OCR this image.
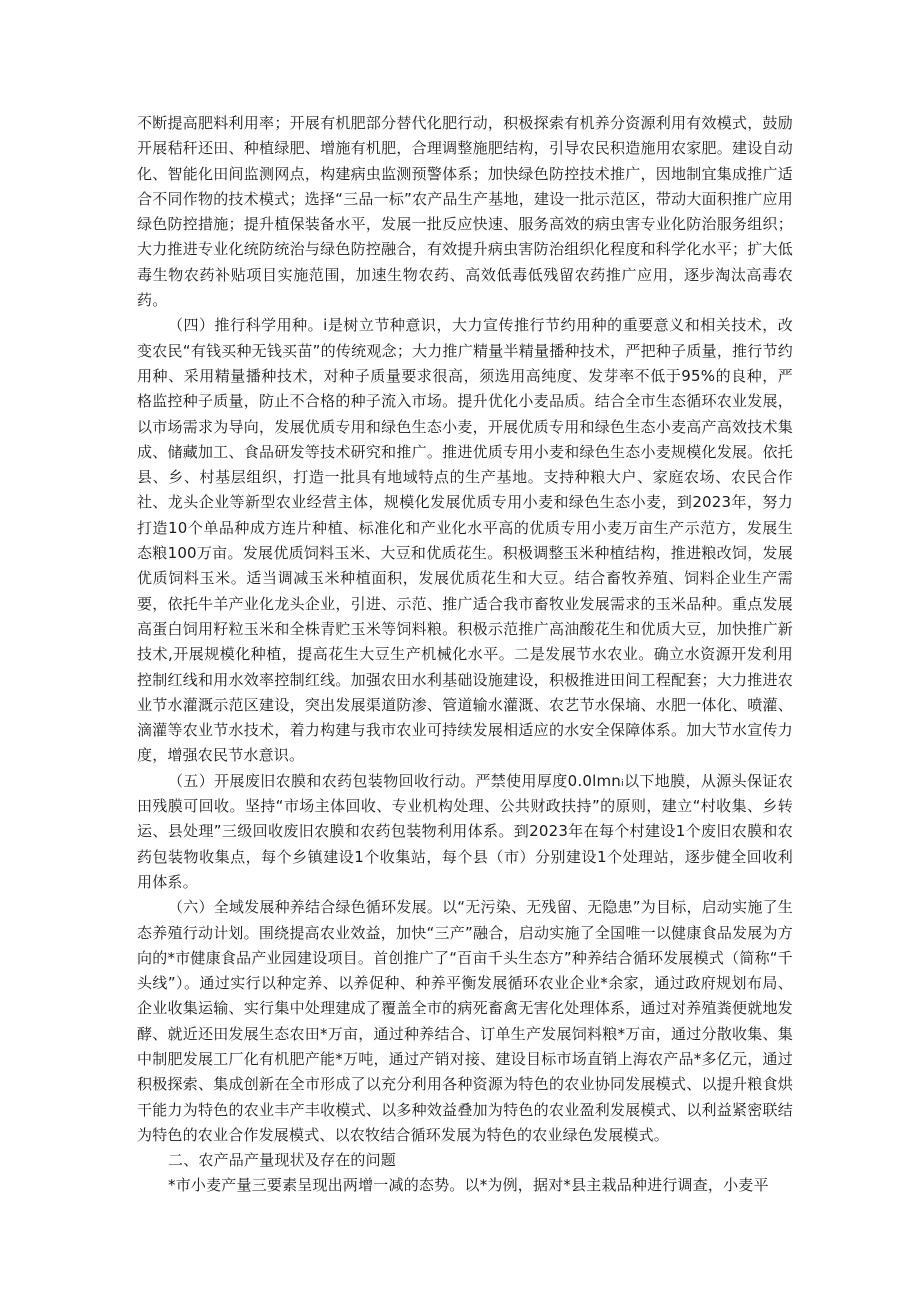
不断提高肥料利用率；开展有机肥部分替代化肥行动，积极探索有机养分资源利用有效模式，鼓励开展秸秆还田、种植绿肥、增施有机肥，合理调整施肥结构，引导农民积造施用农家肥。建设自动化、智能化田间监测网点，构建病虫监测预警体系；加快绿色防控技术推广，因地制宜集成推广适合不同作物的技术模式；选择“三品一标”农产品生产基地，建设一批示范区，带动大面积推广应用绿色防控措施；提升植保装备水平，发展一批反应快速、服务高效的病虫害专业化防治服务组织；大力推进专业化统防统治与绿色防控融合，有效提升病虫害防治组织化程度和科学化水平；扩大低毒生物农药补贴项目实施范围，加速生物农药、高效低毒低残留农药推广应用，逐步淘汰高毒农药。

（四）推行科学用种。i是树立节种意识，大力宣传推行节约用种的重要意义和相关技术，改变农民“有钱买种无钱买苗”的传统观念；大力推广精量半精量播种技术，严把种子质量，推行节约用种、采用精量播种技术，对种子质量要求很高，须选用高纯度、发芽率不低于95%的良种，严格监控种子质量，防止不合格的种子流入市场。提升优化小麦品质。结合全市生态循环农业发展，以市场需求为导向，发展优质专用和绿色生态小麦，开展优质专用和绿色生态小麦高产高效技术集成、储藏加工、食品研发等技术研究和推广。推进优质专用小麦和绿色生态小麦规模化发展。依托县、乡、村基层组织，打造一批具有地域特点的生产基地。支持种粮大户、家庭农场、农民合作社、龙头企业等新型农业经营主体，规模化发展优质专用小麦和绿色生态小麦，到2023年，努力打造10个单品种成方连片种植、标准化和产业化水平高的优质专用小麦万亩生产示范方，发展生态粮100万亩。发展优质饲料玉米、大豆和优质花生。积极调整玉米种植结构，推进粮改饲，发展优质饲料玉米。适当调减玉米种植面积，发展优质花生和大豆。结合畜牧养殖、饲料企业生产需要，依托牛羊产业化龙头企业，引进、示范、推广适合我市畜牧业发展需求的玉米品种。重点发展高蛋白饲用籽粒玉米和全株青贮玉米等饲料粮。积极示范推广高油酸花生和优质大豆，加快推广新技术,开展规模化种植，提高花生大豆生产机械化水平。二是发展节水农业。确立水资源开发利用控制红线和用水效率控制红线。加强农田水利基础设施建设，积极推进田间工程配套；大力推进农业节水灌溉示范区建设，突出发展渠道防渗、管道输水灌溉、农艺节水保墒、水肥一体化、喷灌、滴灌等农业节水技术，着力构建与我市农业可持续发展相适应的水安全保障体系。加大节水宣传力度，增强农民节水意识。

（五）开展废旧农膜和农药包装物回收行动。严禁使用厚度0.0lmnᵢ以下地膜，从源头保证农田残膜可回收。坚持“市场主体回收、专业机构处理、公共财政扶持”的原则，建立“村收集、乡转运、县处理”三级回收废旧农膜和农药包装物利用体系。到2023年在每个村建设1个废旧农膜和农药包装物收集点，每个乡镇建设1个收集站，每个县（市）分别建设1个处理站，逐步健全回收利用体系。

（六）全域发展种养结合绿色循环发展。以“无污染、无残留、无隐患”为目标，启动实施了生态养殖行动计划。围绕提高农业效益，加快“三产”融合，启动实施了全国唯一以健康食品发展为方向的*市健康食品产业园建设项目。首创推广了“百亩千头生态方”种养结合循环发展模式（简称“千头线”）。通过实行以种定养、以养促种、种养平衡发展循环农业企业*余家，通过政府规划布局、企业收集运输、实行集中处理建成了覆盖全市的病死畜禽无害化处理体系，通过对养殖粪便就地发酵、就近还田发展生态农田*万亩，通过种养结合、订单生产发展饲料粮*万亩，通过分散收集、集中制肥发展工厂化有机肥产能*万吨，通过产销对接、建设目标市场直销上海农产品*多亿元，通过积极探索、集成创新在全市形成了以充分利用各种资源为特色的农业协同发展模式、以提升粮食烘干能力为特色的农业丰产丰收模式、以多种效益叠加为特色的农业盈利发展模式、以利益紧密联结为特色的农业合作发展模式、以农牧结合循环发展为特色的农业绿色发展模式。

二、农产品产量现状及存在的问题

*市小麦产量三要素呈现出两增一减的态势。以*为例，据对*县主栽品种进行调查，小麦平
